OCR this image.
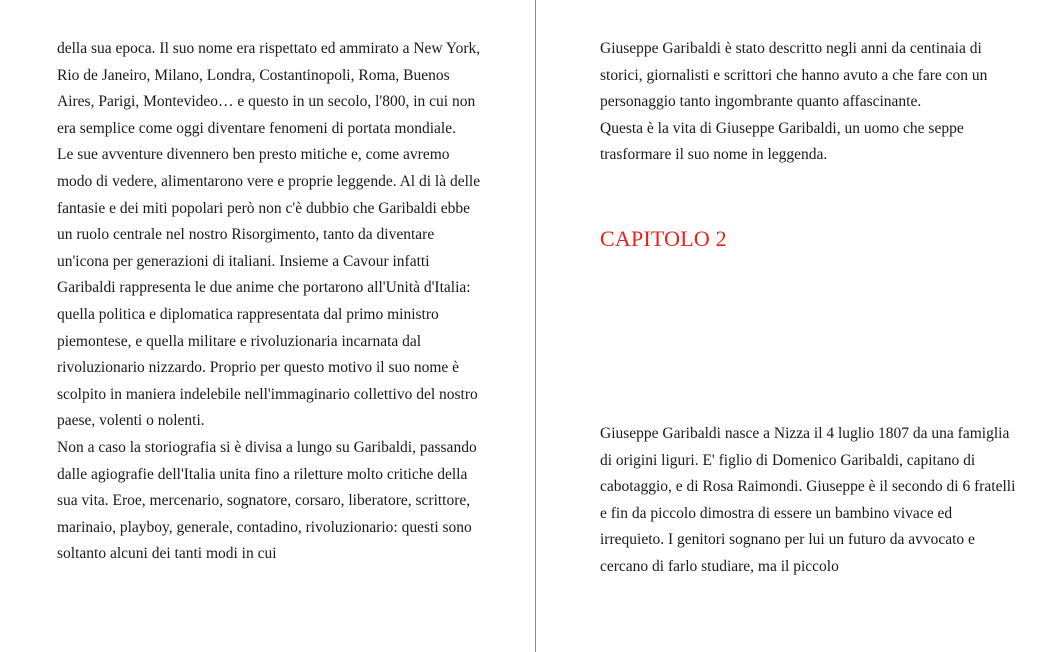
della sua epoca. Il suo nome era rispettato ed ammirato a New York, Rio de Janeiro, Milano, Londra, Costantinopoli, Roma, Buenos Aires, Parigi, Montevideo… e questo in un secolo, l'800, in cui non era semplice come oggi diventare fenomeni di portata mondiale.

Le sue avventure divennero ben presto mitiche e, come avremo modo di vedere, alimentarono vere e proprie leggende. Al di là delle fantasie e dei miti popolari però non c'è dubbio che Garibaldi ebbe un ruolo centrale nel nostro Risorgimento, tanto da diventare un'icona per generazioni di italiani. Insieme a Cavour infatti Garibaldi rappresenta le due anime che portarono all'Unità d'Italia: quella politica e diplomatica rappresentata dal primo ministro piemontese, e quella militare e rivoluzionaria incarnata dal rivoluzionario nizzardo. Proprio per questo motivo il suo nome è scolpito in maniera indelebile nell'immaginario collettivo del nostro paese, volenti o nolenti.

Non a caso la storiografia si è divisa a lungo su Garibaldi, passando dalle agiografie dell'Italia unita fino a riletture molto critiche della sua vita. Eroe, mercenario, sognatore, corsaro, liberatore, scrittore, marinaio, playboy, generale, contadino, rivoluzionario: questi sono soltanto alcuni dei tanti modi in cui

Giuseppe Garibaldi è stato descritto negli anni da centinaia di storici, giornalisti e scrittori che hanno avuto a che fare con un personaggio tanto ingombrante quanto affascinante.

Questa è la vita di Giuseppe Garibaldi, un uomo che seppe trasformare il suo nome in leggenda.

CAPITOLO 2

Giuseppe Garibaldi nasce a Nizza il 4 luglio 1807 da una famiglia di origini liguri. E' figlio di Domenico Garibaldi, capitano di cabotaggio, e di Rosa Raimondi. Giuseppe è il secondo di 6 fratelli e fin da piccolo dimostra di essere un bambino vivace ed irrequieto. I genitori sognano per lui un futuro da avvocato e cercano di farlo studiare, ma il piccolo
